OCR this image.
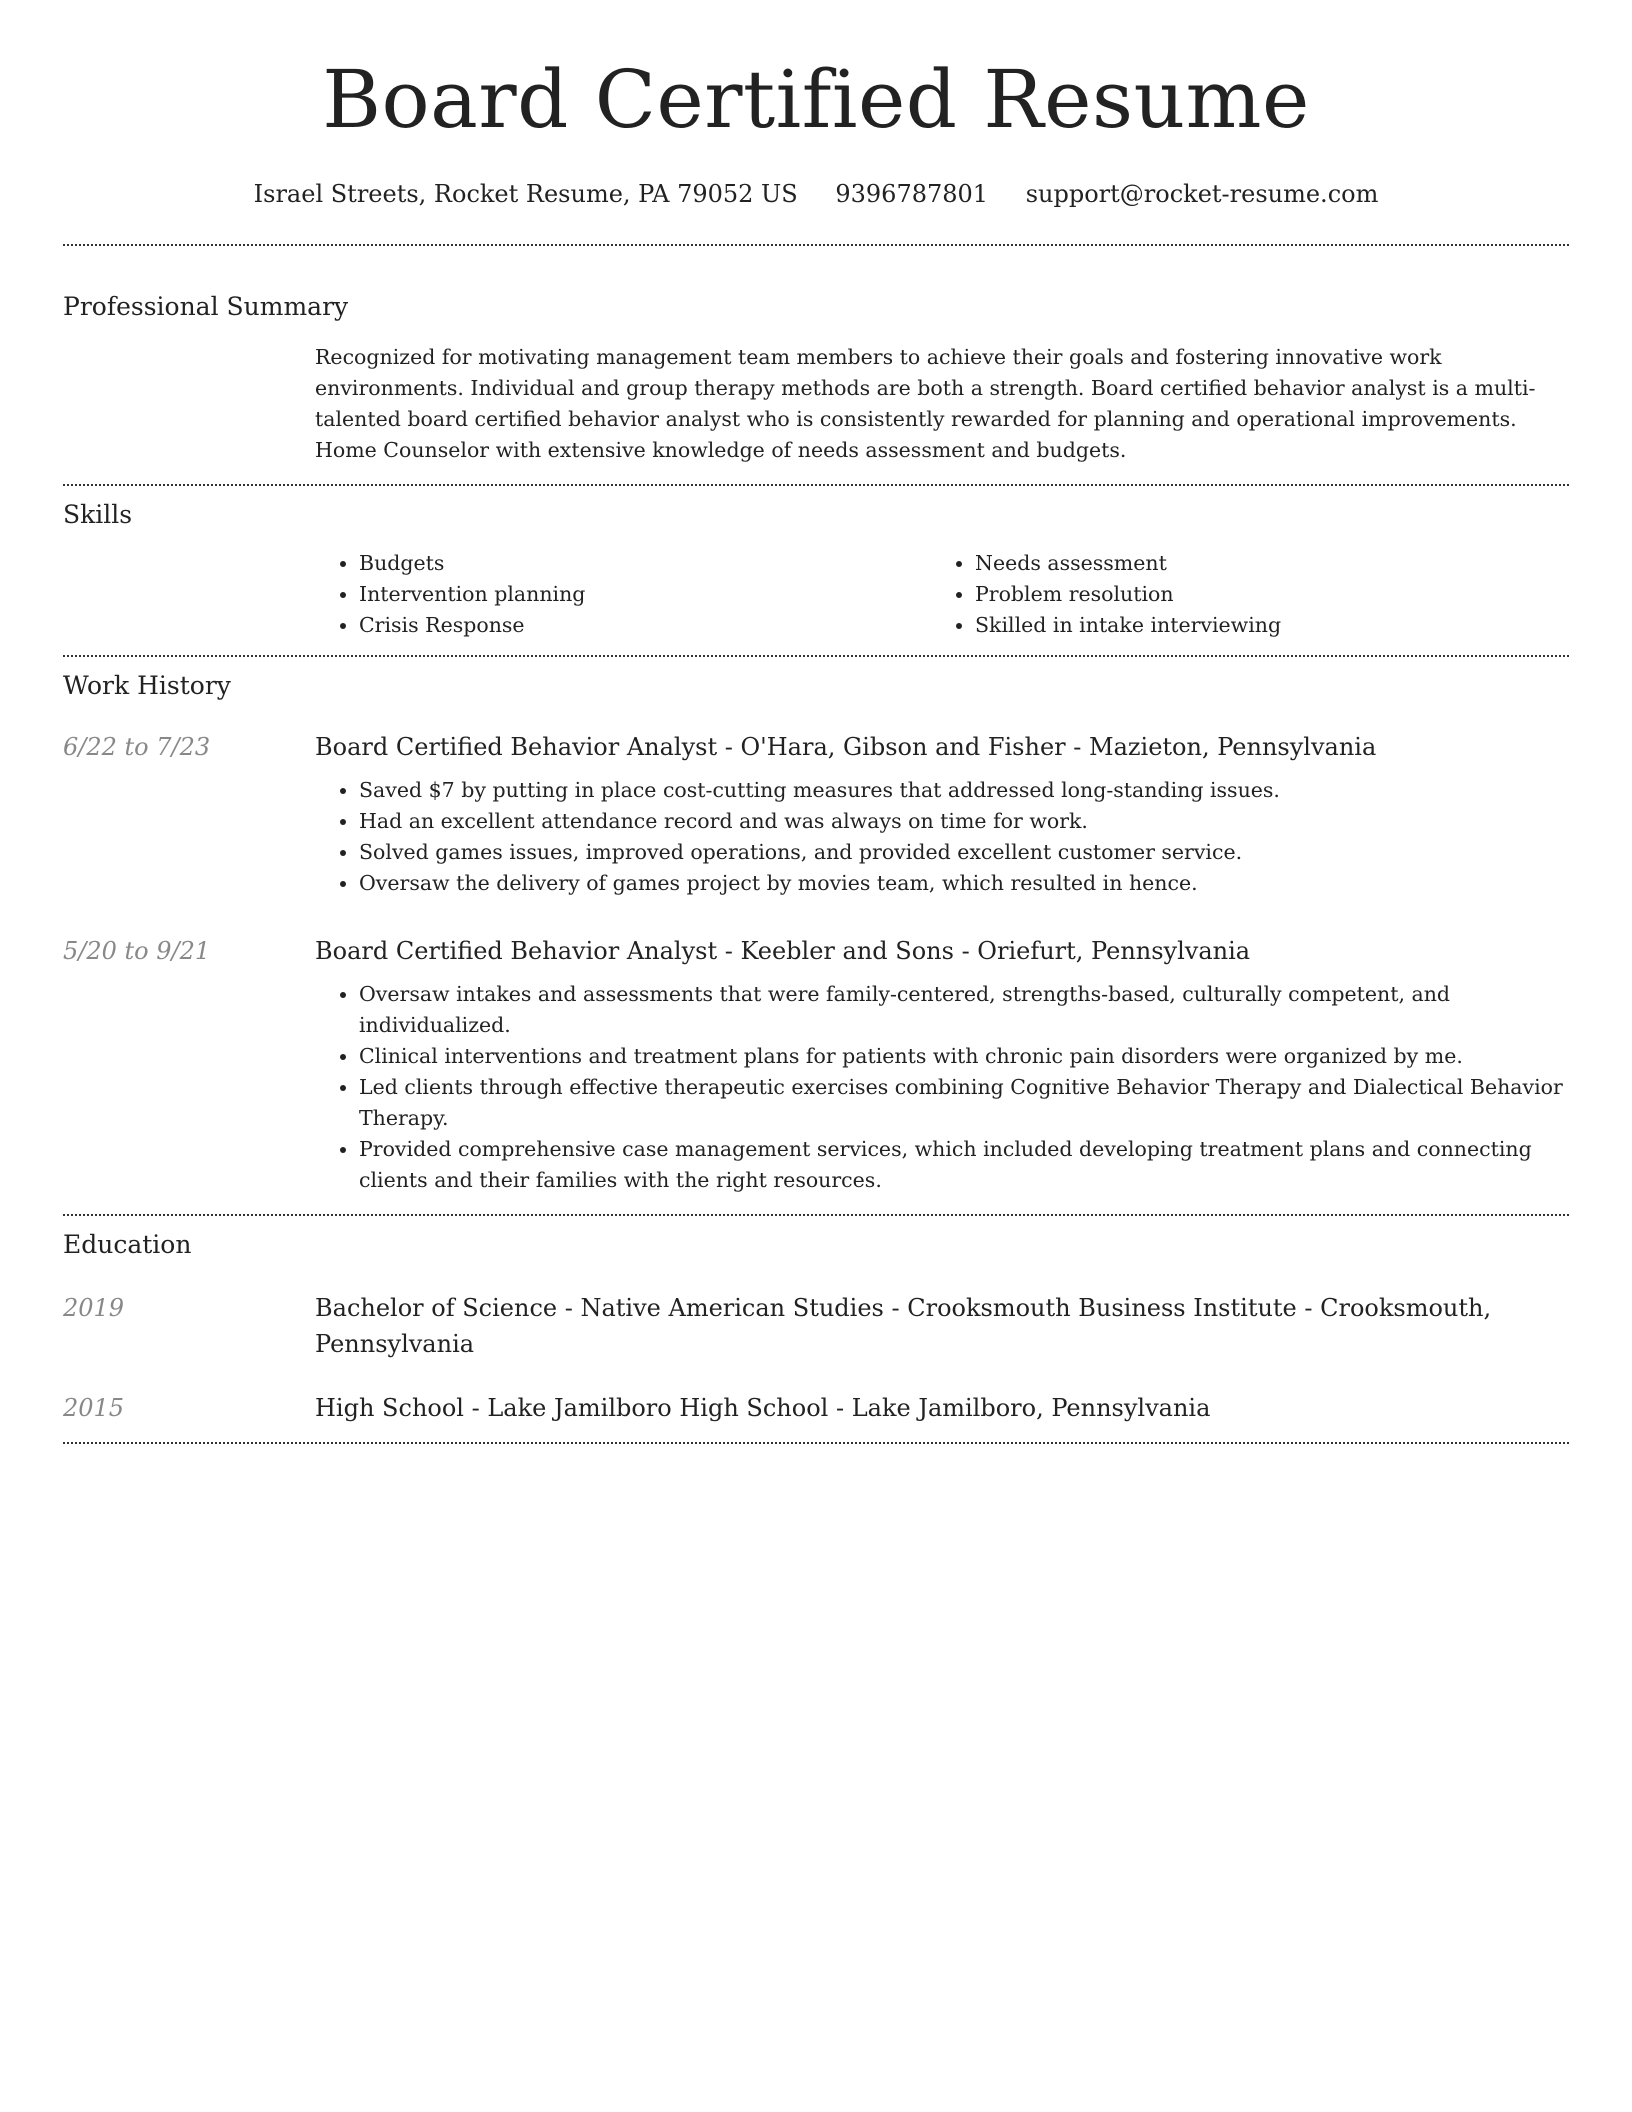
Board Certified Resume
Israel Streets, Rocket Resume, PA 79052 US 9396787801 support@rocket-resume.com
Professional Summary

Recognized for motivating management team members to achieve their goals and fostering innovative work environments. Individual and group therapy methods are both a strength. Board certified behavior analyst is a multi-talented board certified behavior analyst who is consistently rewarded for planning and operational improvements. Home Counselor with extensive knowledge of needs assessment and budgets.

Skills
• Budgets
• Intervention planning
• Crisis Response
• Needs assessment
• Problem resolution
• Skilled in intake interviewing
Work History
6/22 to 7/23	Board Certified Behavior Analyst - O'Hara, Gibson and Fisher - Mazieton, Pennsylvania
• Saved $7 by putting in place cost-cutting measures that addressed long-standing issues.
• Had an excellent attendance record and was always on time for work.
• Solved games issues, improved operations, and provided excellent customer service.
• Oversaw the delivery of games project by movies team, which resulted in hence.
5/20 to 9/21	Board Certified Behavior Analyst - Keebler and Sons - Oriefurt, Pennsylvania
• Oversaw intakes and assessments that were family-centered, strengths-based, culturally competent, and individualized.
• Clinical interventions and treatment plans for patients with chronic pain disorders were organized by me.
• Led clients through effective therapeutic exercises combining Cognitive Behavior Therapy and Dialectical Behavior Therapy.
• Provided comprehensive case management services, which included developing treatment plans and connecting clients and their families with the right resources.
Education
2019	Bachelor of Science - Native American Studies - Crooksmouth Business Institute - Crooksmouth, Pennsylvania
2015	High School - Lake Jamilboro High School - Lake Jamilboro, Pennsylvania
